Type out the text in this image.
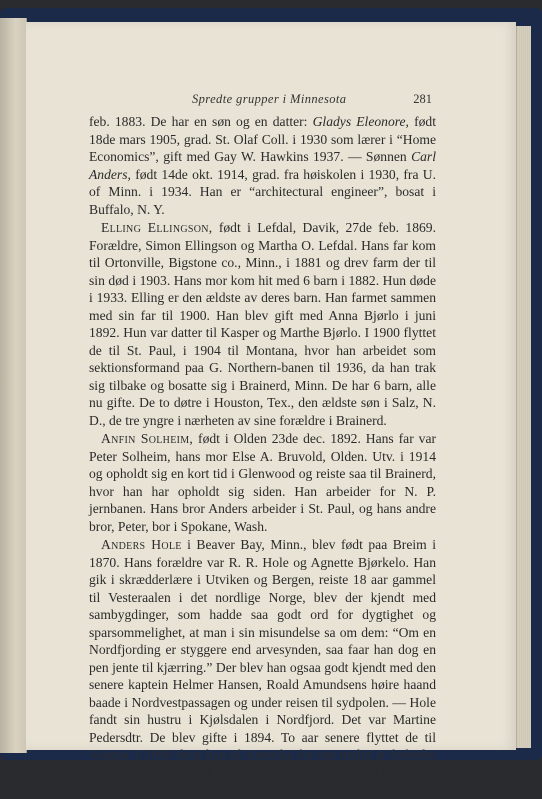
Spredte grupper i Minnesota	281

feb. 1883. De har en søn og en datter: Gladys Eleonore, født 18de mars 1905, grad. St. Olaf Coll. i 1930 som lærer i “Home Economics”, gift med Gay W. Hawkins 1937. — Sønnen Carl Anders, født 14de okt. 1914, grad. fra høiskolen i 1930, fra U. of Minn. i 1934. Han er “architectural engineer”, bosat i Buffalo, N. Y.

Elling Ellingson, født i Lefdal, Davik, 27de feb. 1869. Forældre, Simon Ellingson og Martha O. Lefdal. Hans far kom til Ortonville, Bigstone co., Minn., i 1881 og drev farm der til sin død i 1903. Hans mor kom hit med 6 barn i 1882. Hun døde i 1933. Elling er den ældste av deres barn. Han farmet sammen med sin far til 1900. Han blev gift med Anna Bjørlo i juni 1892. Hun var datter til Kasper og Marthe Bjørlo. I 1900 flyttet de til St. Paul, i 1904 til Montana, hvor han arbeidet som sektionsformand paa G. Northern-banen til 1936, da han trak sig tilbake og bosatte sig i Brainerd, Minn. De har 6 barn, alle nu gifte. De to døtre i Houston, Tex., den ældste søn i Salz, N. D., de tre yngre i nærheten av sine forældre i Brainerd.

Anfin Solheim, født i Olden 23de dec. 1892. Hans far var Peter Solheim, hans mor Else A. Bruvold, Olden. Utv. i 1914 og opholdt sig en kort tid i Glenwood og reiste saa til Brainerd, hvor han har opholdt sig siden. Han arbeider for N. P. jernbanen. Hans bror Anders arbeider i St. Paul, og hans andre bror, Peter, bor i Spokane, Wash.

Anders Hole i Beaver Bay, Minn., blev født paa Breim i 1870. Hans forældre var R. R. Hole og Agnette Bjørkelo. Han gik i skrædderlære i Utviken og Bergen, reiste 18 aar gammel til Vesteraalen i det nordlige Norge, blev der kjendt med sambygdinger, som hadde saa godt ord for dygtighet og sparsommelighet, at man i sin misundelse sa om dem: “Om en Nordfjording er styggere end arvesynden, saa faar han dog en pen jente til kjærring.” Der blev han ogsaa godt kjendt med den senere kaptein Helmer Hansen, Roald Amundsens høire haand baade i Nordvestpassagen og under reisen til sydpolen. — Hole fandt sin hustru i Kjølsdalen i Nordfjord. Det var Martine Pedersdtr. De blev gifte i 1894. To aar senere flyttet de til Vaagsø. I 1900 drog han til Amerika for om mulig at forbedre sine kaar. Egnen ved Duluth var fyldt av et myldrende liv dengang. Der kunde arbeiderne tjene pen-
